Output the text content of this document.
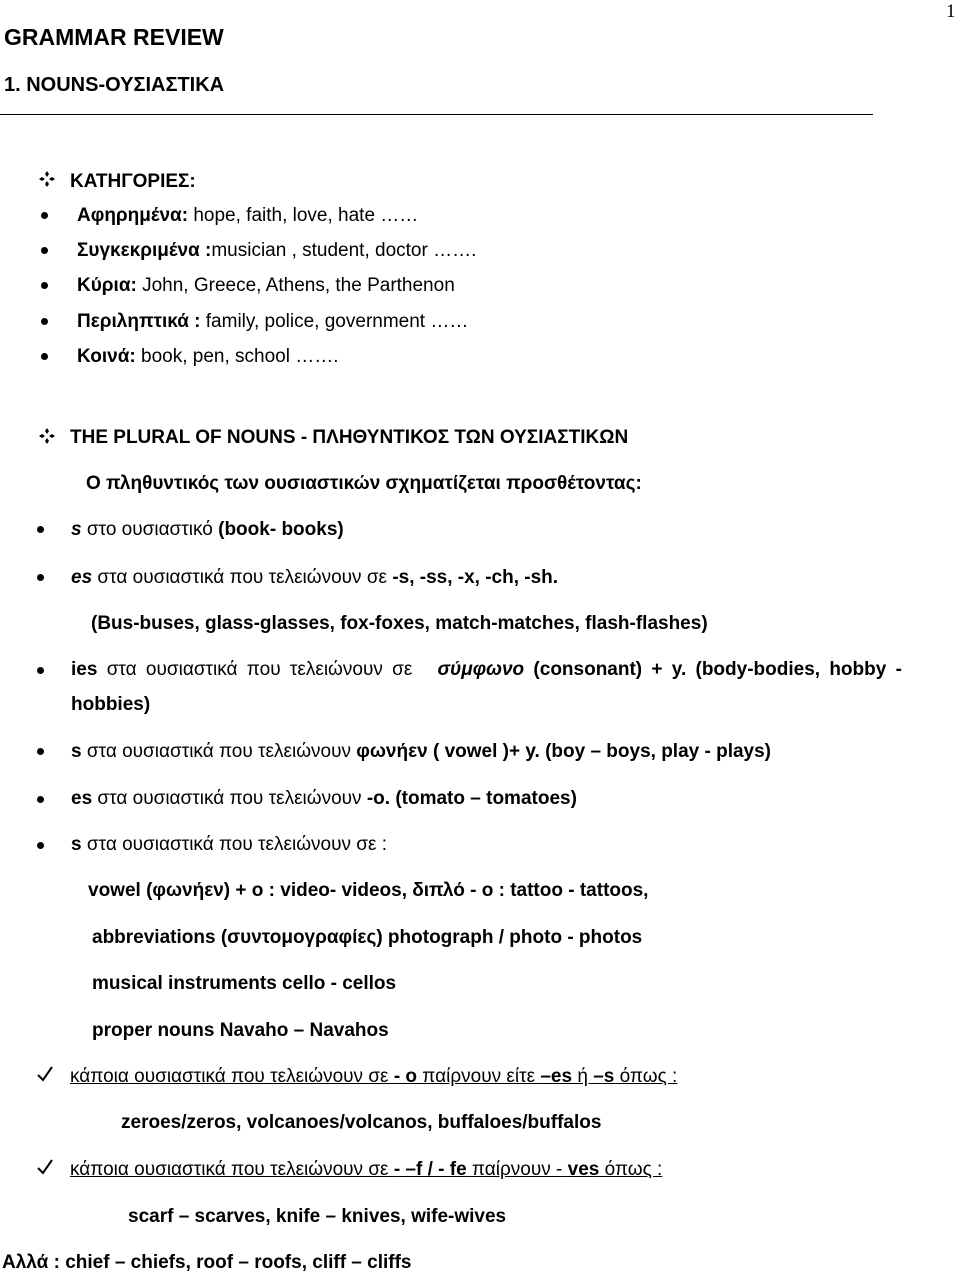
1
GRAMMAR REVIEW
1. NOUNS-ΟΥΣΙΑΣΤΙΚΑ
ΚΑΤΗΓΟΡΙΕΣ:
Αφηρημένα: hope, faith, love, hate ……
Συγκεκριμένα :musician , student, doctor …….
Κύρια: John, Greece, Athens, the Parthenon
Περιληπτικά : family, police, government ……
Κοινά: book, pen, school …….
THE PLURAL OF NOUNS - ΠΛΗΘΥΝΤΙΚΟΣ ΤΩΝ ΟΥΣΙΑΣΤΙΚΩΝ
Ο πληθυντικός των ουσιαστικών σχηματίζεται προσθέτοντας:
s στο ουσιαστικό (book- books)
es στα ουσιαστικά που τελειώνουν σε -s, -ss, -x, -ch, -sh.
(Bus-buses, glass-glasses, fox-foxes, match-matches, flash-flashes)
ies στα ουσιαστικά που τελειώνουν σε    σύμφωνο (consonant) + y. (body-bodies, hobby -
hobbies)
s στα ουσιαστικά που τελειώνουν φωνήεν ( vowel )+ y. (boy – boys, play - plays)
es στα ουσιαστικά που τελειώνουν -o. (tomato – tomatoes)
s στα ουσιαστικά που τελειώνουν σε :
vowel (φωνήεν) + o : video- videos, διπλό - o : tattoo - tattoos,
abbreviations (συντομογραφίες) photograph / photo - photos
musical instruments cello - cellos
proper nouns Navaho – Navahos
κάποια ουσιαστικά που τελειώνουν σε - o παίρνουν είτε –es ή –s όπως :
zeroes/zeros, volcanoes/volcanos, buffaloes/buffalos
κάποια ουσιαστικά που τελειώνουν σε - –f / - fe παίρνουν - ves όπως :
scarf – scarves, knife – knives, wife-wives
Αλλά : chief – chiefs, roof – roofs, cliff – cliffs
